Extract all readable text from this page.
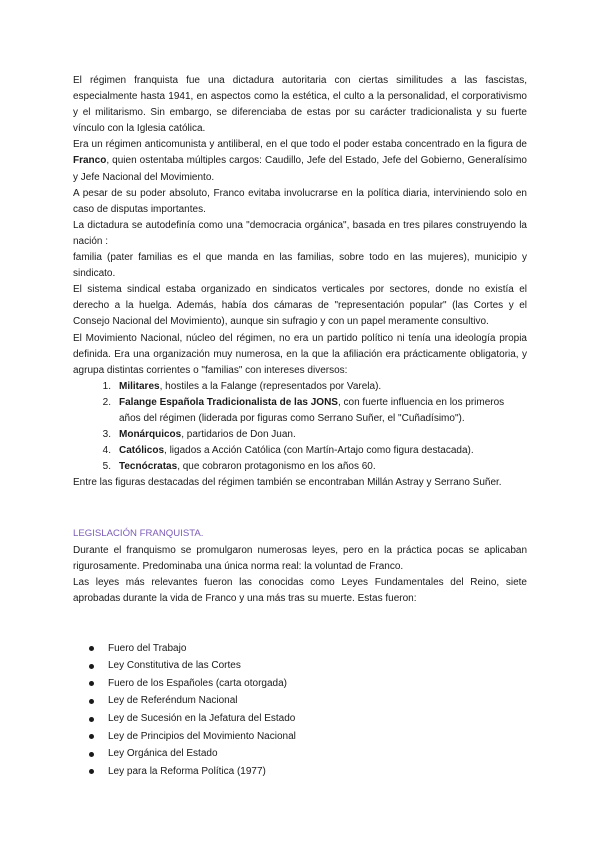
El régimen franquista fue una dictadura autoritaria con ciertas similitudes a las fascistas, especialmente hasta 1941, en aspectos como la estética, el culto a la personalidad, el corporativismo y el militarismo. Sin embargo, se diferenciaba de estas por su carácter tradicionalista y su fuerte vínculo con la Iglesia católica.

Era un régimen anticomunista y antiliberal, en el que todo el poder estaba concentrado en la figura de Franco, quien ostentaba múltiples cargos: Caudillo, Jefe del Estado, Jefe del Gobierno, Generalísimo y Jefe Nacional del Movimiento.

A pesar de su poder absoluto, Franco evitaba involucrarse en la política diaria, interviniendo solo en caso de disputas importantes.

La dictadura se autodefinía como una "democracia orgánica", basada en tres pilares construyendo la nación :

familia (pater familias es el que manda en las familias, sobre todo en las mujeres), municipio y sindicato.

El sistema sindical estaba organizado en sindicatos verticales por sectores, donde no existía el derecho a la huelga. Además, había dos cámaras de "representación popular" (las Cortes y el Consejo Nacional del Movimiento), aunque sin sufragio y con un papel meramente consultivo.

El Movimiento Nacional, núcleo del régimen, no era un partido político ni tenía una ideología propia definida. Era una organización muy numerosa, en la que la afiliación era prácticamente obligatoria, y agrupa distintas corrientes o "familias" con intereses diversos:

1. Militares, hostiles a la Falange (representados por Varela).
2. Falange Española Tradicionalista de las JONS, con fuerte influencia en los primeros años del régimen (liderada por figuras como Serrano Suñer, el "Cuñadísimo").
3. Monárquicos, partidarios de Don Juan.
4. Católicos, ligados a Acción Católica (con Martín-Artajo como figura destacada).
5. Tecnócratas, que cobraron protagonismo en los años 60.

Entre las figuras destacadas del régimen también se encontraban Millán Astray y Serrano Suñer.

LEGISLACIÓN FRANQUISTA.

Durante el franquismo se promulgaron numerosas leyes, pero en la práctica pocas se aplicaban rigurosamente. Predominaba una única norma real: la voluntad de Franco.

Las leyes más relevantes fueron las conocidas como Leyes Fundamentales del Reino, siete aprobadas durante la vida de Franco y una más tras su muerte. Estas fueron:

Fuero del Trabajo
Ley Constitutiva de las Cortes
Fuero de los Españoles (carta otorgada)
Ley de Referéndum Nacional
Ley de Sucesión en la Jefatura del Estado
Ley de Principios del Movimiento Nacional
Ley Orgánica del Estado
Ley para la Reforma Política (1977)
